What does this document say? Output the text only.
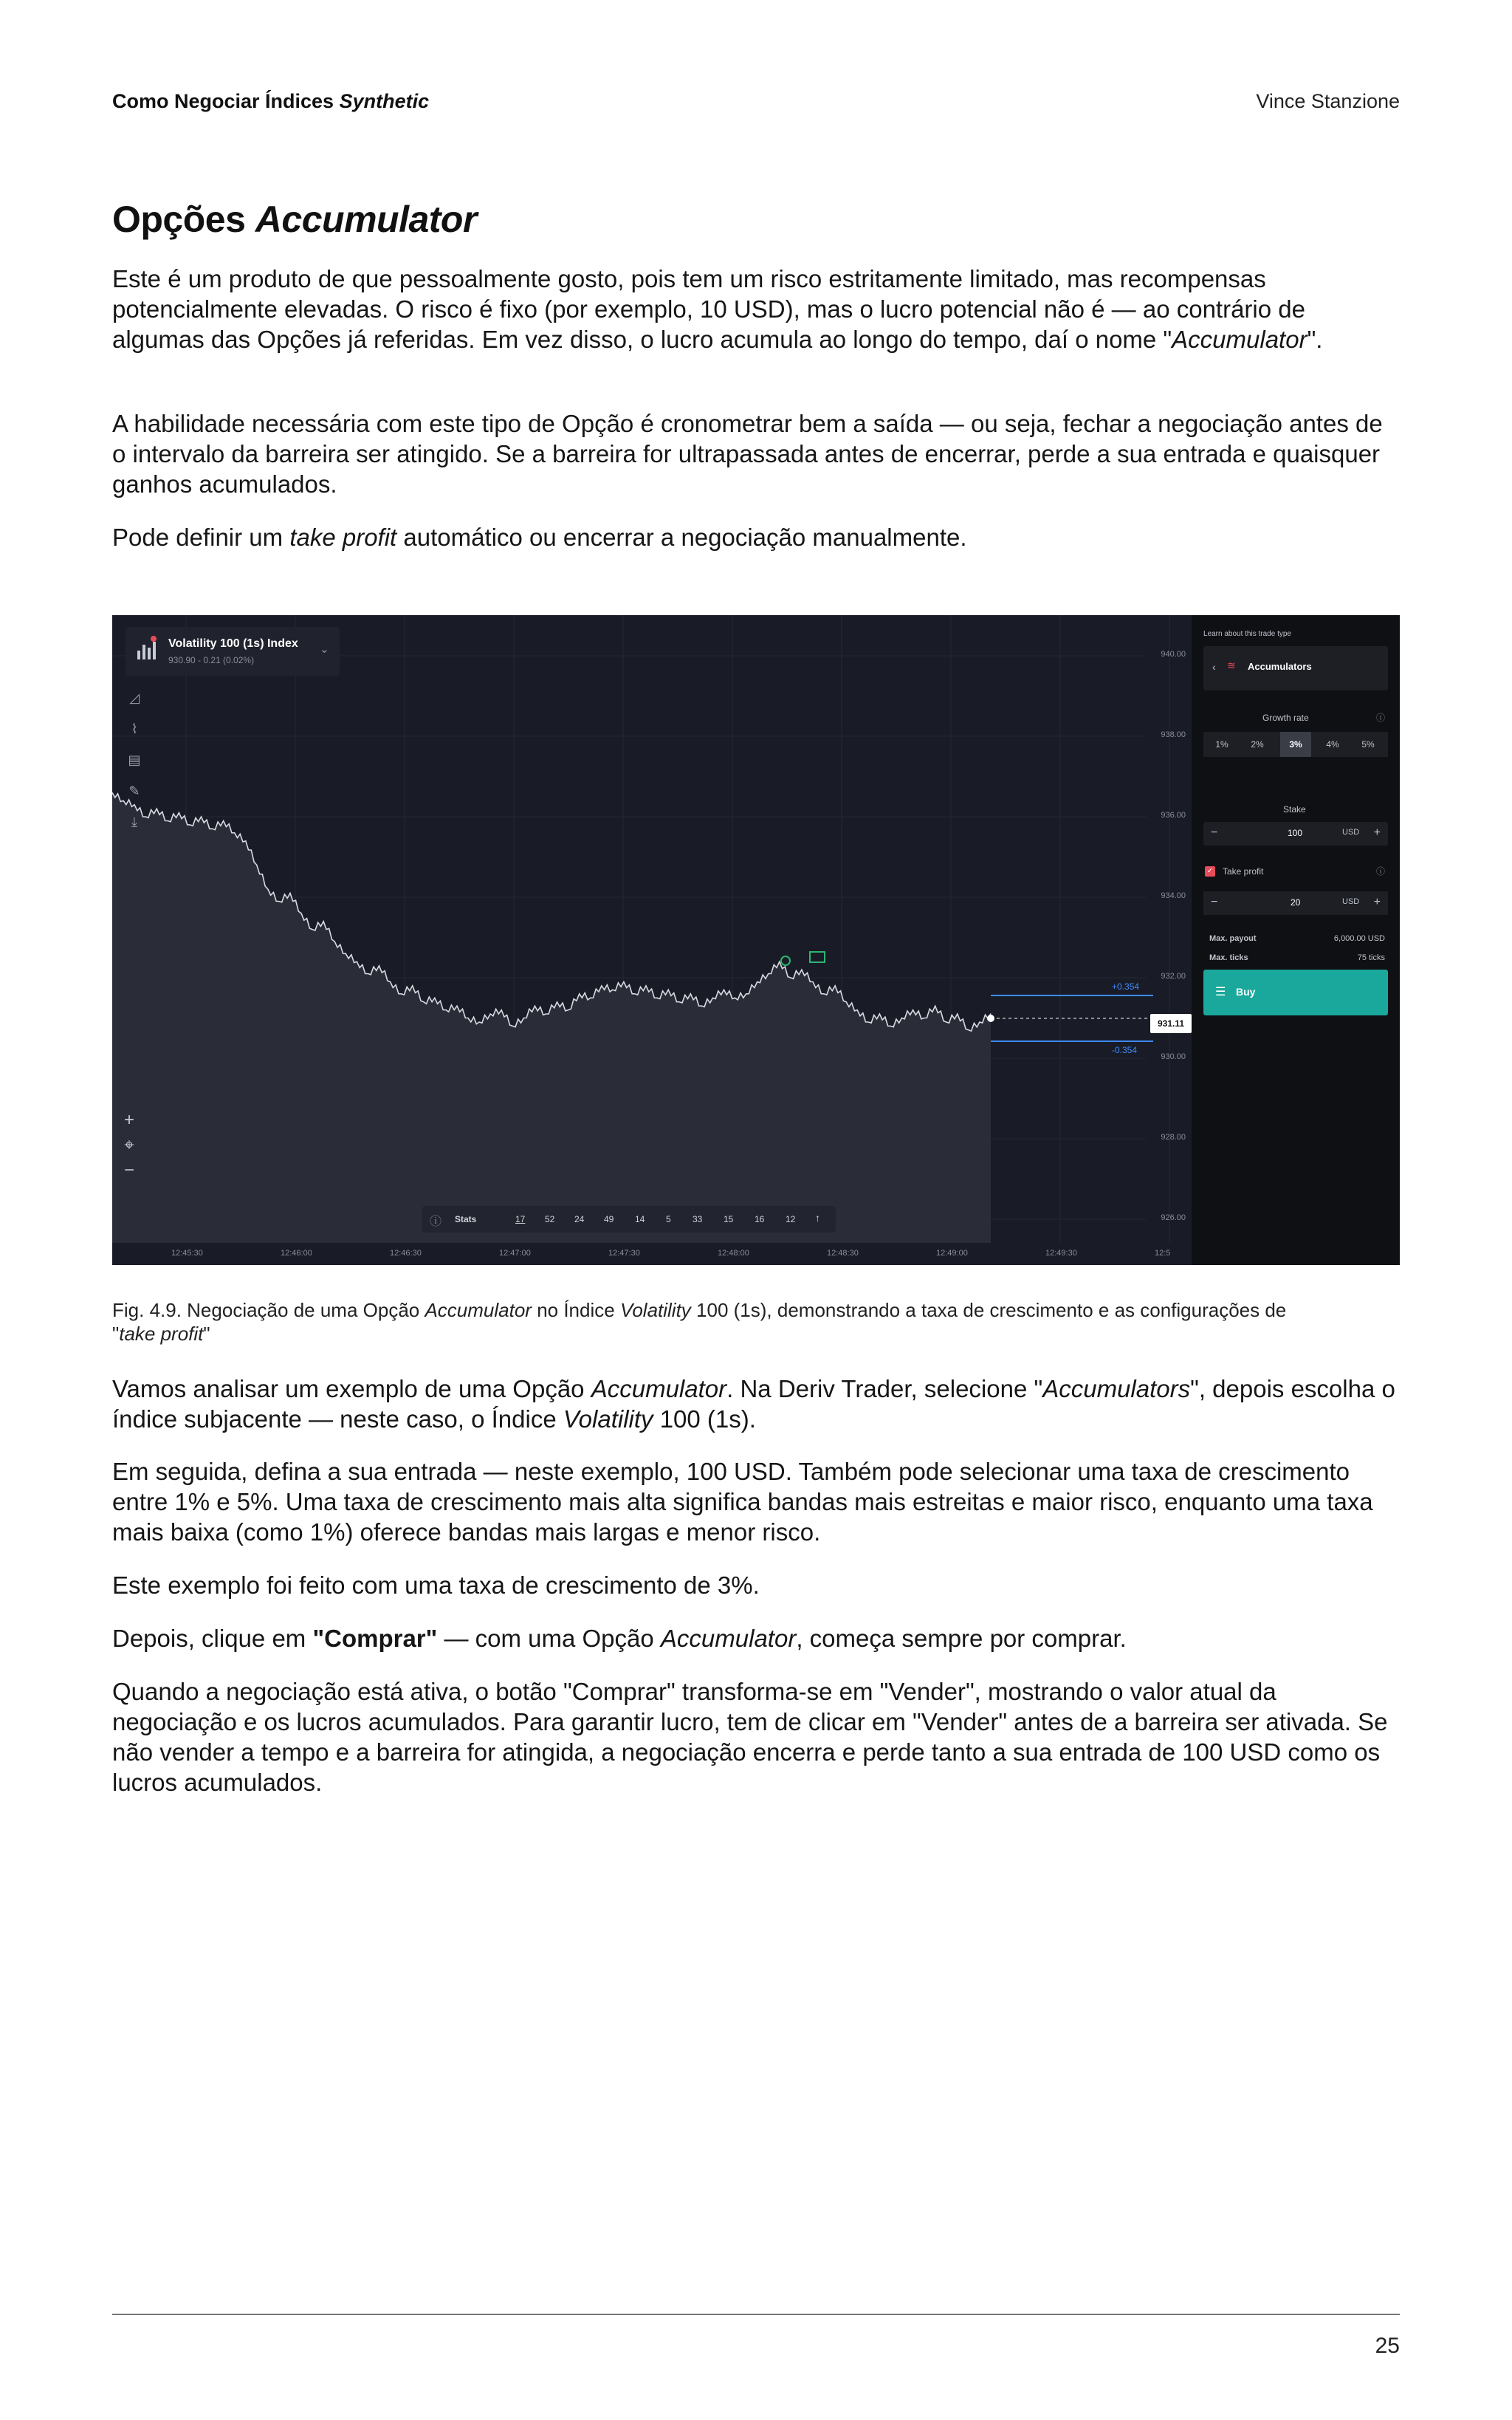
Como Negociar Índices Synthetic	Vince Stanzione
Opções Accumulator

Este é um produto de que pessoalmente gosto, pois tem um risco estritamente limitado, mas recompensas potencialmente elevadas. O risco é fixo (por exemplo, 10 USD), mas o lucro potencial não é — ao contrário de algumas das Opções já referidas. Em vez disso, o lucro acumula ao longo do tempo, daí o nome "Accumulator".

A habilidade necessária com este tipo de Opção é cronometrar bem a saída — ou seja, fechar a negociação antes de o intervalo da barreira ser atingido. Se a barreira for ultrapassada antes de encerrar, perde a sua entrada e quaisquer ganhos acumulados.

Pode definir um take profit automático ou encerrar a negociação manualmente.

Volatility 100 (1s) Index
930.90 - 0.21 (0.02%)
⌄
◿
⌇
▤
✎
⤓
+
⌖
−
940.00
938.00
936.00
934.00
932.00
930.00
928.00
926.00
12:45:30	12:46:00	12:46:30	12:47:00	12:47:30	12:48:00	12:48:30	12:49:00	12:49:30	12:5
+0.354
-0.354
931.11
ⓘ Stats	17 52 24 49 14 5 33 15 16 12 ↑
Learn about this trade type
‹ ≋ Accumulators
Growth rate	ⓘ
1%	2%	3%	4%	5%
Stake
−	100	USD +
✓ Take profit	ⓘ
−	20	USD +
Max. payout	6,000.00 USD
Max. ticks	75 ticks
☰ Buy
Fig. 4.9. Negociação de uma Opção Accumulator no Índice Volatility 100 (1s), demonstrando a taxa de crescimento e as configurações de "take profit"

Vamos analisar um exemplo de uma Opção Accumulator. Na Deriv Trader, selecione "Accumulators", depois escolha o índice subjacente — neste caso, o Índice Volatility 100 (1s).

Em seguida, defina a sua entrada — neste exemplo, 100 USD. Também pode selecionar uma taxa de crescimento entre 1% e 5%. Uma taxa de crescimento mais alta significa bandas mais estreitas e maior risco, enquanto uma taxa mais baixa (como 1%) oferece bandas mais largas e menor risco.

Este exemplo foi feito com uma taxa de crescimento de 3%.

Depois, clique em "Comprar" — com uma Opção Accumulator, começa sempre por comprar.

Quando a negociação está ativa, o botão "Comprar" transforma-se em "Vender", mostrando o valor atual da negociação e os lucros acumulados. Para garantir lucro, tem de clicar em "Vender" antes de a barreira ser ativada. Se não vender a tempo e a barreira for atingida, a negociação encerra e perde tanto a sua entrada de 100 USD como os lucros acumulados.

25
